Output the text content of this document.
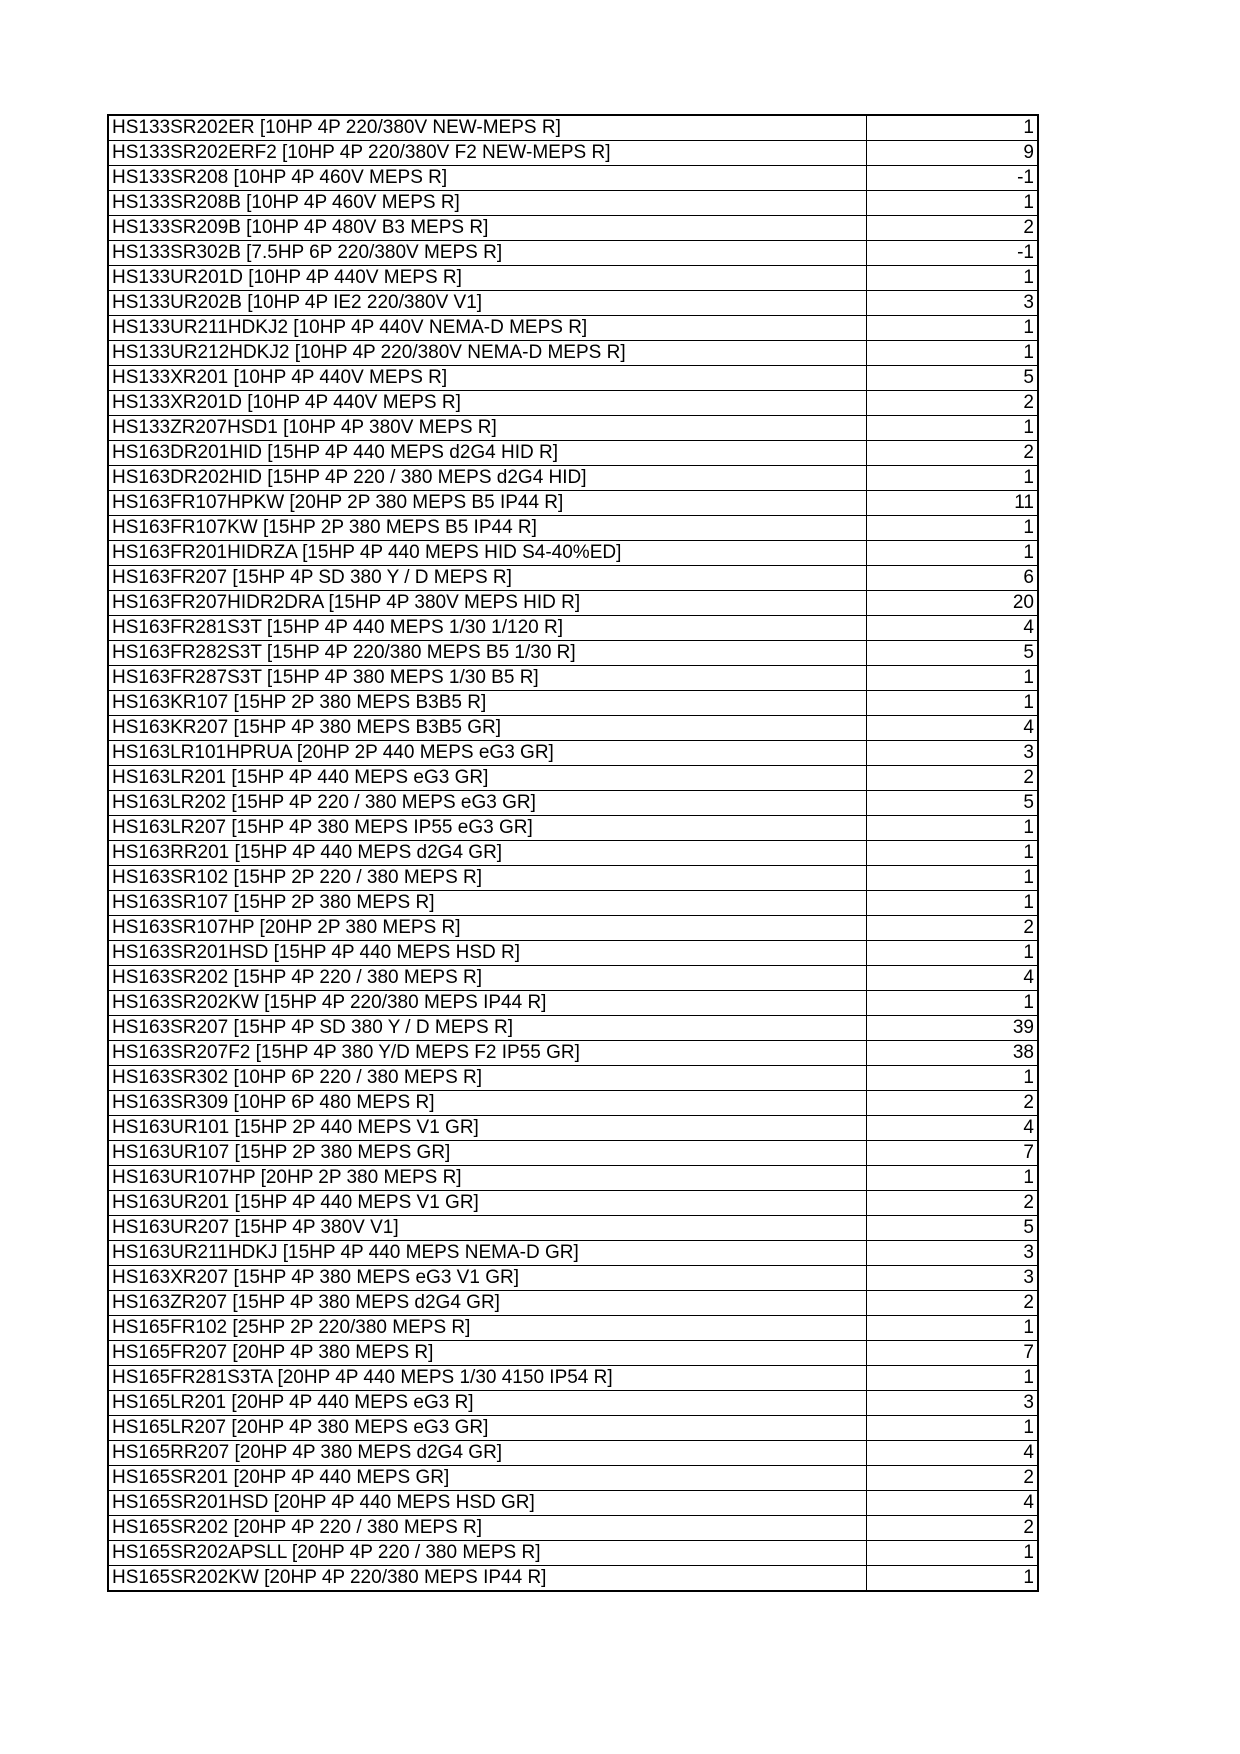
HS133SR202ER [10HP 4P 220/380V NEW-MEPS R]	1
HS133SR202ERF2 [10HP 4P 220/380V F2 NEW-MEPS R]	9
HS133SR208 [10HP 4P 460V MEPS R]	-1
HS133SR208B [10HP 4P 460V MEPS R]	1
HS133SR209B [10HP 4P 480V B3 MEPS R]	2
HS133SR302B [7.5HP 6P 220/380V MEPS R]	-1
HS133UR201D [10HP 4P 440V MEPS R]	1
HS133UR202B [10HP 4P IE2 220/380V V1]	3
HS133UR211HDKJ2 [10HP 4P 440V NEMA-D MEPS R]	1
HS133UR212HDKJ2 [10HP 4P 220/380V NEMA-D MEPS R]	1
HS133XR201 [10HP 4P 440V MEPS R]	5
HS133XR201D [10HP 4P 440V MEPS R]	2
HS133ZR207HSD1 [10HP 4P 380V MEPS R]	1
HS163DR201HID [15HP 4P 440 MEPS d2G4 HID R]	2
HS163DR202HID [15HP 4P 220 / 380 MEPS d2G4 HID]	1
HS163FR107HPKW [20HP 2P 380 MEPS B5 IP44 R]	11
HS163FR107KW [15HP 2P 380 MEPS B5 IP44 R]	1
HS163FR201HIDRZA [15HP 4P 440 MEPS HID S4-40%ED]	1
HS163FR207 [15HP 4P SD 380 Y / D MEPS R]	6
HS163FR207HIDR2DRA [15HP 4P 380V MEPS HID R]	20
HS163FR281S3T [15HP 4P 440 MEPS 1/30 1/120 R]	4
HS163FR282S3T [15HP 4P 220/380 MEPS B5 1/30 R]	5
HS163FR287S3T [15HP 4P 380 MEPS 1/30 B5 R]	1
HS163KR107 [15HP 2P 380 MEPS B3B5 R]	1
HS163KR207 [15HP 4P 380 MEPS B3B5 GR]	4
HS163LR101HPRUA [20HP 2P 440 MEPS eG3 GR]	3
HS163LR201 [15HP 4P 440 MEPS eG3 GR]	2
HS163LR202 [15HP 4P 220 / 380 MEPS eG3 GR]	5
HS163LR207 [15HP 4P 380 MEPS IP55 eG3 GR]	1
HS163RR201 [15HP 4P 440 MEPS d2G4 GR]	1
HS163SR102 [15HP 2P 220 / 380 MEPS R]	1
HS163SR107 [15HP 2P 380 MEPS R]	1
HS163SR107HP [20HP 2P 380 MEPS R]	2
HS163SR201HSD [15HP 4P 440 MEPS HSD R]	1
HS163SR202 [15HP 4P 220 / 380 MEPS R]	4
HS163SR202KW [15HP 4P 220/380 MEPS IP44 R]	1
HS163SR207 [15HP 4P SD 380 Y / D MEPS R]	39
HS163SR207F2 [15HP 4P 380 Y/D MEPS F2 IP55 GR]	38
HS163SR302 [10HP 6P 220 / 380 MEPS R]	1
HS163SR309 [10HP 6P 480 MEPS R]	2
HS163UR101 [15HP 2P 440 MEPS V1 GR]	4
HS163UR107 [15HP 2P 380 MEPS GR]	7
HS163UR107HP [20HP 2P 380 MEPS R]	1
HS163UR201 [15HP 4P 440 MEPS V1 GR]	2
HS163UR207 [15HP 4P 380V V1]	5
HS163UR211HDKJ [15HP 4P 440 MEPS NEMA-D GR]	3
HS163XR207 [15HP 4P 380 MEPS eG3 V1 GR]	3
HS163ZR207 [15HP 4P 380 MEPS d2G4 GR]	2
HS165FR102 [25HP 2P 220/380 MEPS R]	1
HS165FR207 [20HP 4P 380 MEPS R]	7
HS165FR281S3TA [20HP 4P 440 MEPS 1/30 4150 IP54 R]	1
HS165LR201 [20HP 4P 440 MEPS eG3 R]	3
HS165LR207 [20HP 4P 380 MEPS eG3 GR]	1
HS165RR207 [20HP 4P 380 MEPS d2G4 GR]	4
HS165SR201 [20HP 4P 440 MEPS GR]	2
HS165SR201HSD [20HP 4P 440 MEPS HSD GR]	4
HS165SR202 [20HP 4P 220 / 380 MEPS R]	2
HS165SR202APSLL [20HP 4P 220 / 380 MEPS R]	1
HS165SR202KW [20HP 4P 220/380 MEPS IP44 R]	1
